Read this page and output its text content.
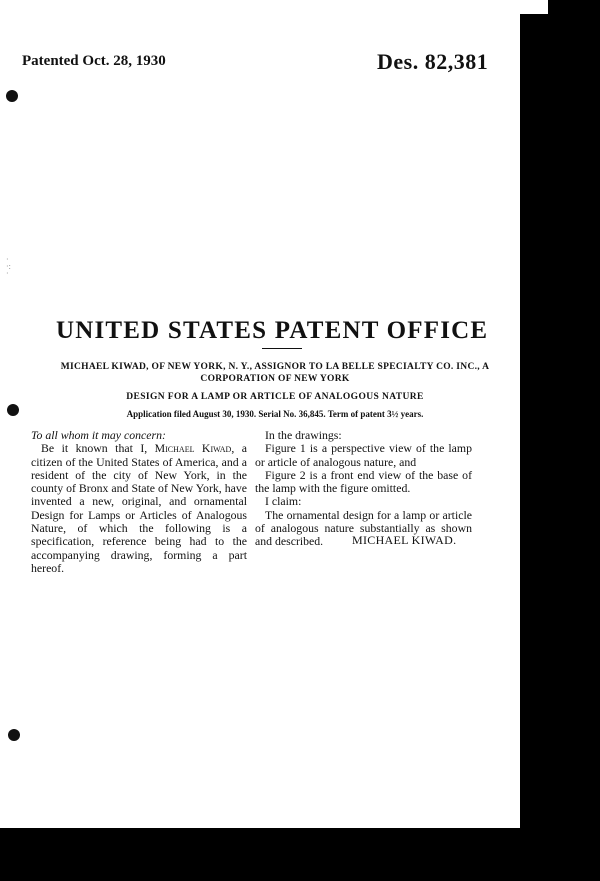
Patented Oct. 28, 1930	Des. 82,381
·
·:
·
UNITED STATES PATENT OFFICE
MICHAEL KIWAD, OF NEW YORK, N. Y., ASSIGNOR TO LA BELLE SPECIALTY CO. INC., A
CORPORATION OF NEW YORK
DESIGN FOR A LAMP OR ARTICLE OF ANALOGOUS NATURE
Application filed August 30, 1930. Serial No. 36,845. Term of patent 3½ years.

To all whom it may concern:

Be it known that I, Michael Kiwad, a citizen of the United States of America, and a resident of the city of New York, in the county of Bronx and State of New York, have invented a new, original, and ornamental Design for Lamps or Articles of Analogous Nature, of which the following is a specification, reference being had to the accompanying drawing, forming a part hereof.

In the drawings:

Figure 1 is a perspective view of the lamp or article of analogous nature, and

Figure 2 is a front end view of the base of the lamp with the figure omitted.

I claim:

The ornamental design for a lamp or article of analogous nature substantially as shown and described.	MICHAEL KIWAD.
